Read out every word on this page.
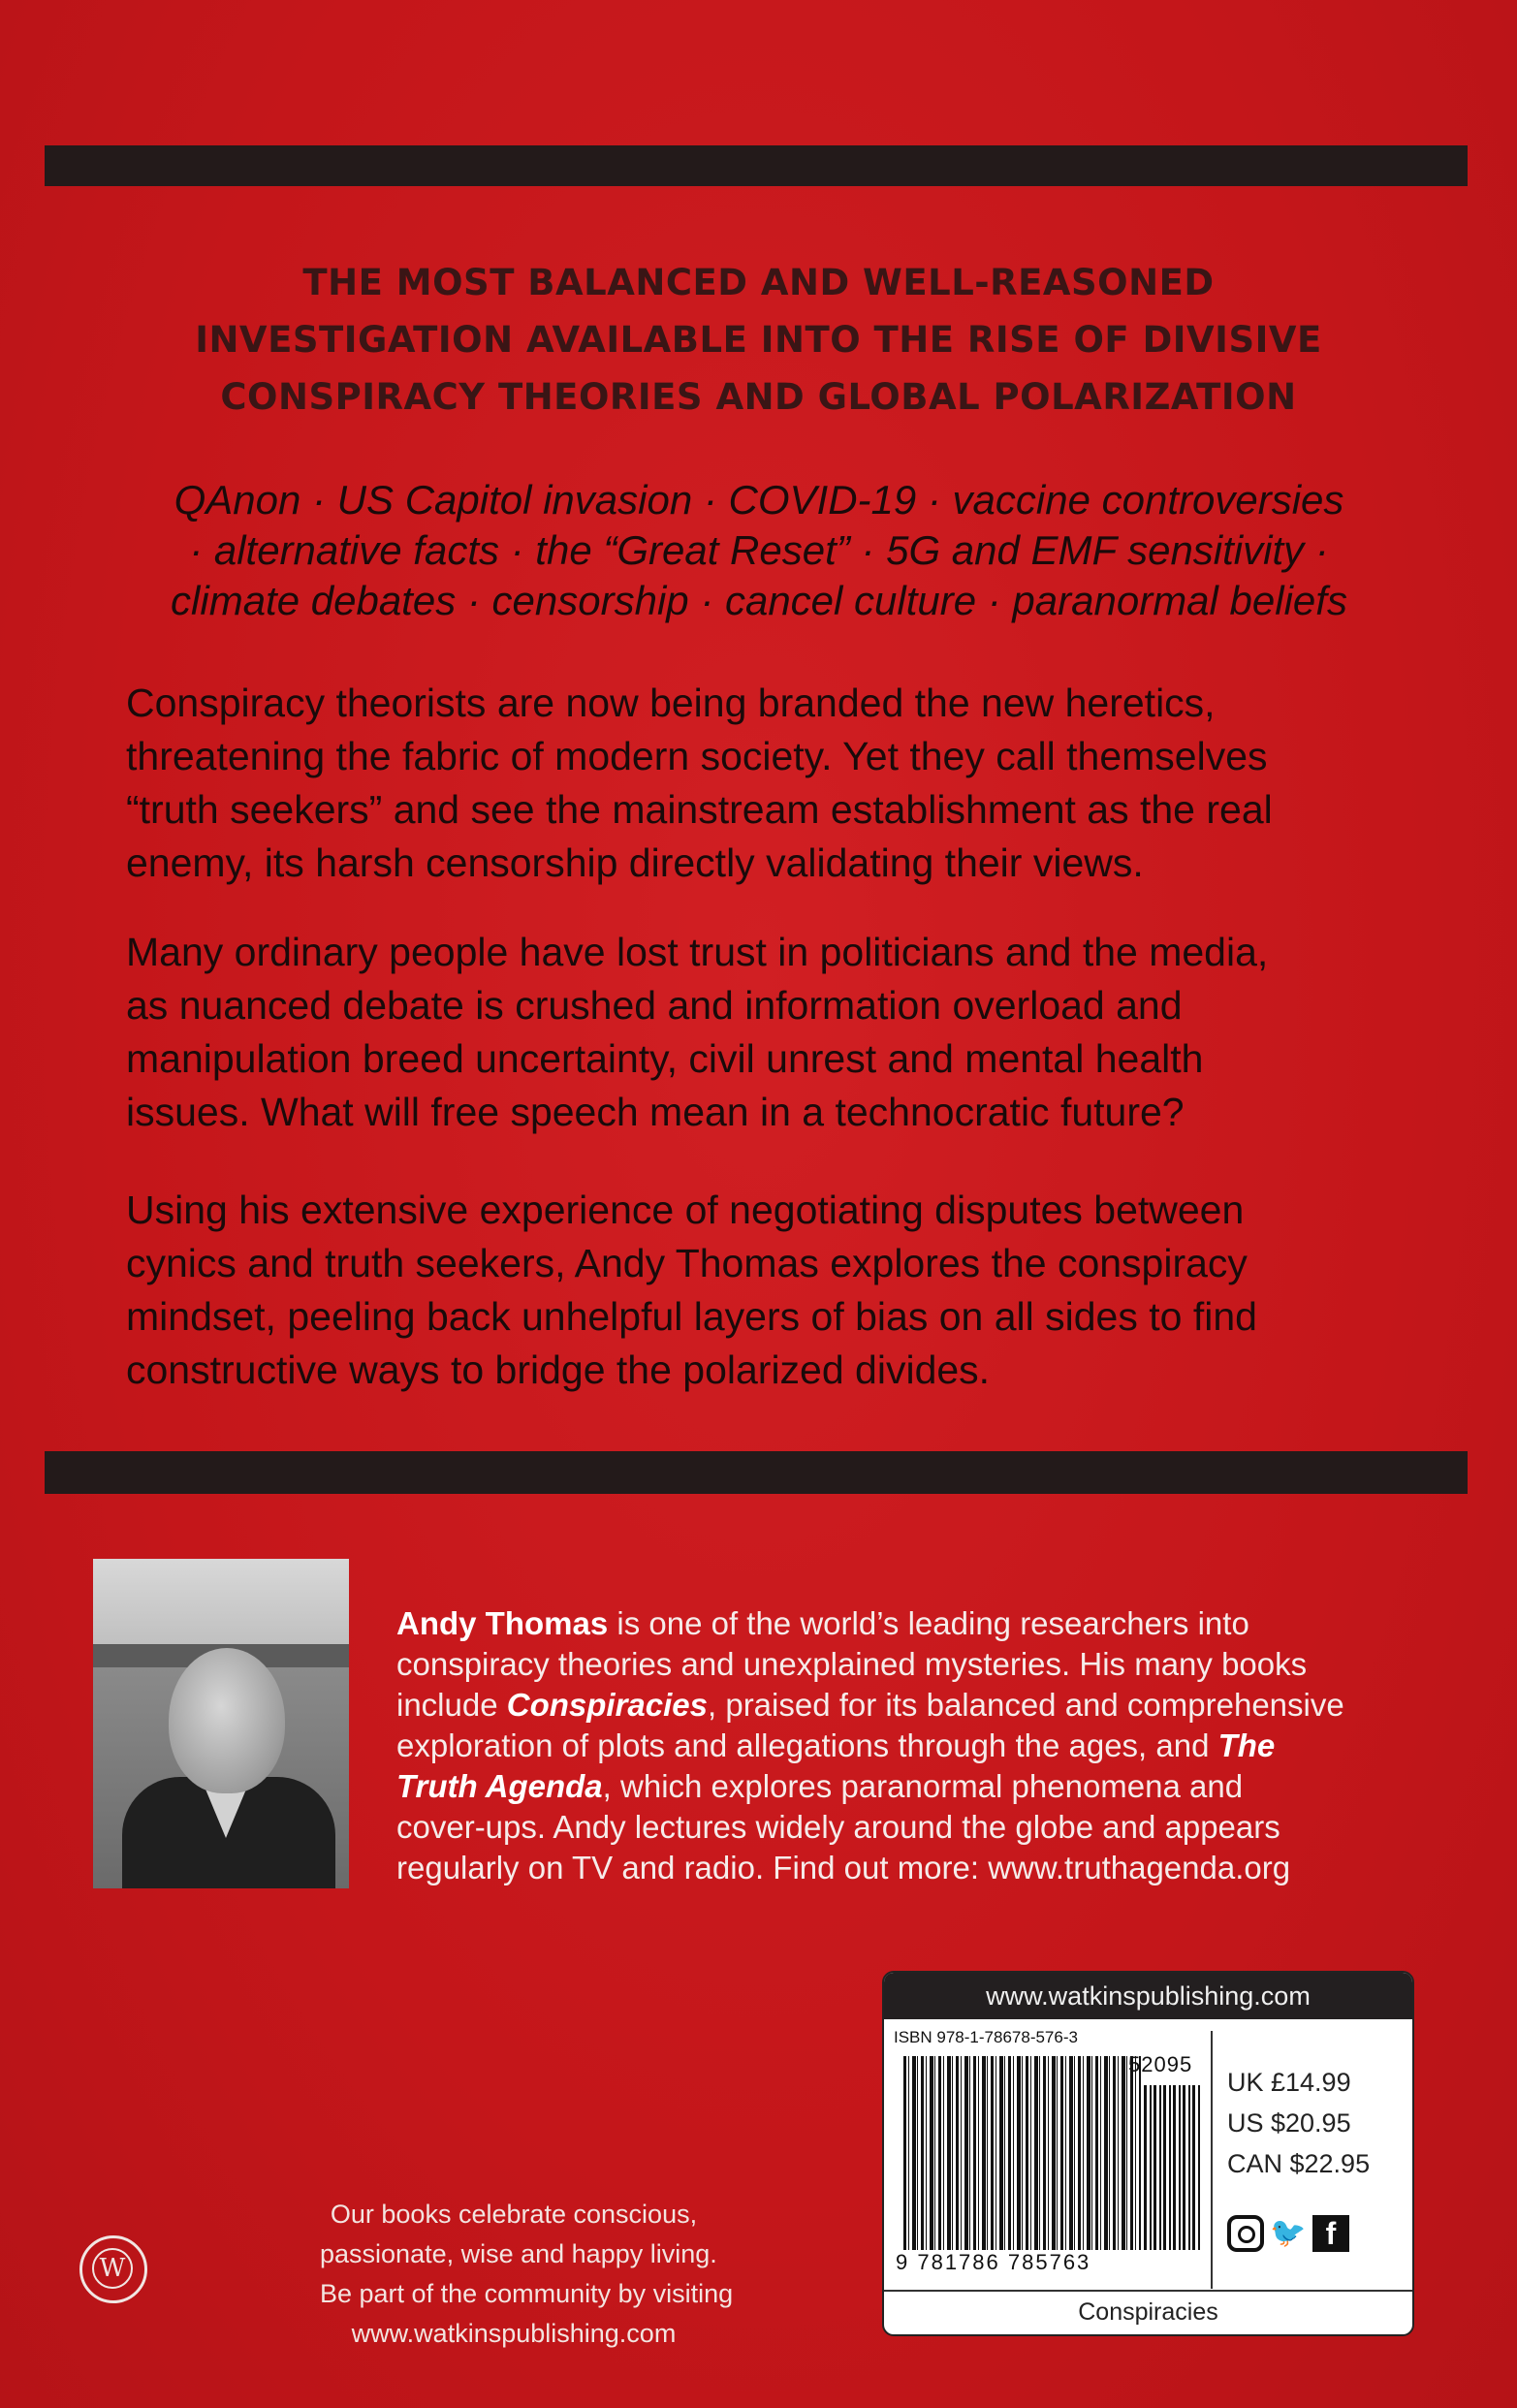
THE MOST BALANCED AND WELL-REASONED
INVESTIGATION AVAILABLE INTO THE RISE OF DIVISIVE
CONSPIRACY THEORIES AND GLOBAL POLARIZATION
QAnon · US Capitol invasion · COVID-19 · vaccine controversies
· alternative facts · the “Great Reset” · 5G and EMF sensitivity ·
climate debates · censorship · cancel culture · paranormal beliefs
Conspiracy theorists are now being branded the new heretics,
threatening the fabric of modern society. Yet they call themselves
“truth seekers” and see the mainstream establishment as the real
enemy, its harsh censorship directly validating their views.
Many ordinary people have lost trust in politicians and the media,
as nuanced debate is crushed and information overload and
manipulation breed uncertainty, civil unrest and mental health
issues. What will free speech mean in a technocratic future?
Using his extensive experience of negotiating disputes between
cynics and truth seekers, Andy Thomas explores the conspiracy
mindset, peeling back unhelpful layers of bias on all sides to find
constructive ways to bridge the polarized divides.
Andy Thomas is one of the world’s leading researchers into
conspiracy theories and unexplained mysteries. His many books
include Conspiracies, praised for its balanced and comprehensive
exploration of plots and allegations through the ages, and The
Truth Agenda, which explores paranormal phenomena and
cover-ups. Andy lectures widely around the globe and appears
regularly on TV and radio. Find out more: www.truthagenda.org
www.watkinspublishing.com
ISBN 978-1-78678-576-3
52095
9 781786 785763
UK £14.99
US $20.95
CAN $22.95
🐦 f
Conspiracies
W
Our books celebrate conscious,
passionate, wise and happy living.
Be part of the community by visiting
www.watkinspublishing.com
